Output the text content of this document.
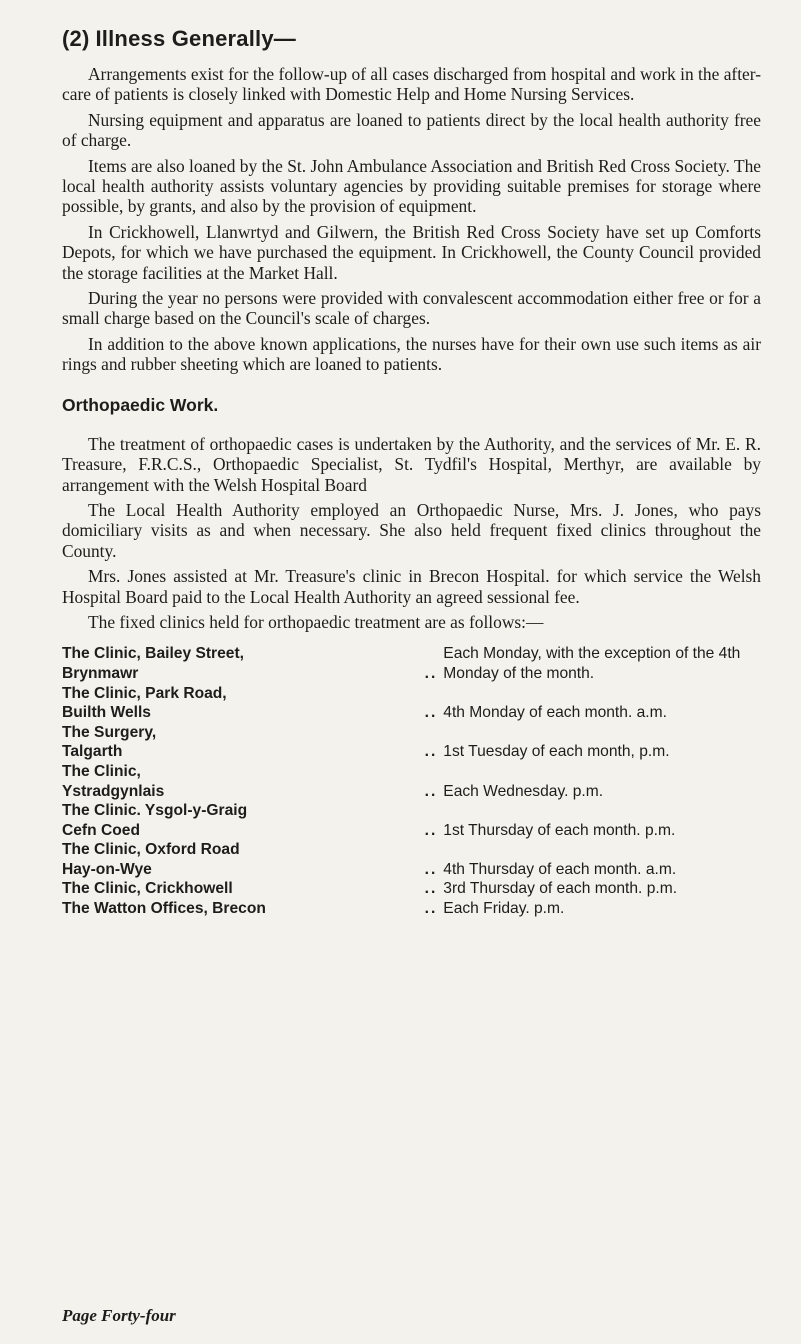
(2) Illness Generally—

Arrangements exist for the follow-up of all cases discharged from hospital and work in the after-care of patients is closely linked with Domestic Help and Home Nursing Services.

Nursing equipment and apparatus are loaned to patients direct by the local health authority free of charge.

Items are also loaned by the St. John Ambulance Association and British Red Cross Society. The local health authority assists voluntary agencies by providing suitable premises for storage where possible, by grants, and also by the provision of equipment.

In Crickhowell, Llanwrtyd and Gilwern, the British Red Cross Society have set up Comforts Depots, for which we have purchased the equipment. In Crickhowell, the County Council provided the storage facilities at the Market Hall.

During the year no persons were provided with convalescent accommodation either free or for a small charge based on the Council's scale of charges.

In addition to the above known applications, the nurses have for their own use such items as air rings and rubber sheeting which are loaned to patients.

Orthopaedic Work.

The treatment of orthopaedic cases is undertaken by the Authority, and the services of Mr. E. R. Treasure, F.R.C.S., Orthopaedic Specialist, St. Tydfil's Hospital, Merthyr, are available by arrangement with the Welsh Hospital Board

The Local Health Authority employed an Orthopaedic Nurse, Mrs. J. Jones, who pays domiciliary visits as and when necessary. She also held frequent fixed clinics throughout the County.

Mrs. Jones assisted at Mr. Treasure's clinic in Brecon Hospital. for which service the Welsh Hospital Board paid to the Local Health Authority an agreed sessional fee.

The fixed clinics held for orthopaedic treatment are as follows:—

The Clinic, Bailey Street,
Brynmawr ..	Each Monday, with the exception of the 4th Monday of the month.

The Clinic, Park Road,
Builth Wells ..	4th Monday of each month. a.m.

The Surgery,
Talgarth ..	1st Tuesday of each month, p.m.

The Clinic,
Ystradgynlais ..	Each Wednesday. p.m.

The Clinic. Ysgol-y-Graig
Cefn Coed ..	1st Thursday of each month. p.m.

The Clinic, Oxford Road
Hay-on-Wye ..	4th Thursday of each month. a.m.
The Clinic, Crickhowell ..	3rd Thursday of each month. p.m.
The Watton Offices, Brecon ..	Each Friday. p.m.
Page Forty-four
